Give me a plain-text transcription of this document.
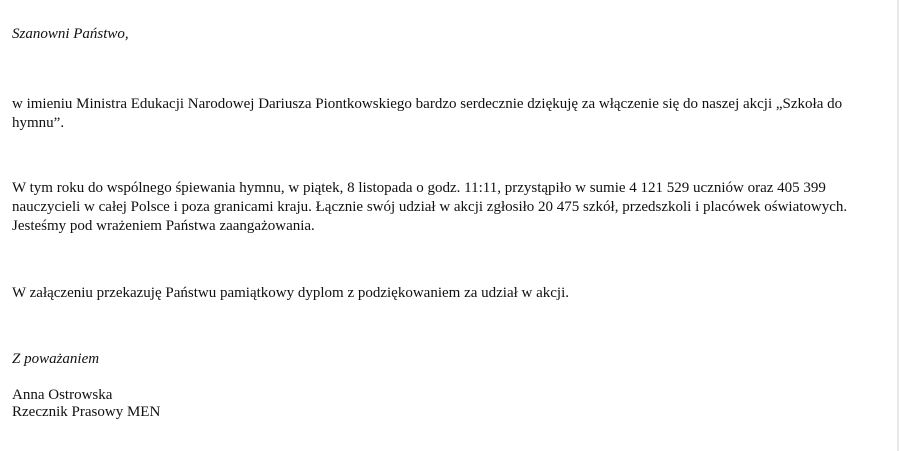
Szanowni Państwo,

w imieniu Ministra Edukacji Narodowej Dariusza Piontkowskiego bardzo serdecznie dziękuję za włączenie się do naszej akcji „Szkoła do hymnu”.

W tym roku do wspólnego śpiewania hymnu, w piątek, 8 listopada o godz. 11:11, przystąpiło w sumie 4 121 529 uczniów oraz 405 399 nauczycieli w całej Polsce i poza granicami kraju. Łącznie swój udział w akcji zgłosiło 20 475 szkół, przedszkoli i placówek oświatowych. Jesteśmy pod wrażeniem Państwa zaangażowania.

W załączeniu przekazuję Państwu pamiątkowy dyplom z podziękowaniem za udział w akcji.

Z poważaniem

Anna Ostrowska

Rzecznik Prasowy MEN
